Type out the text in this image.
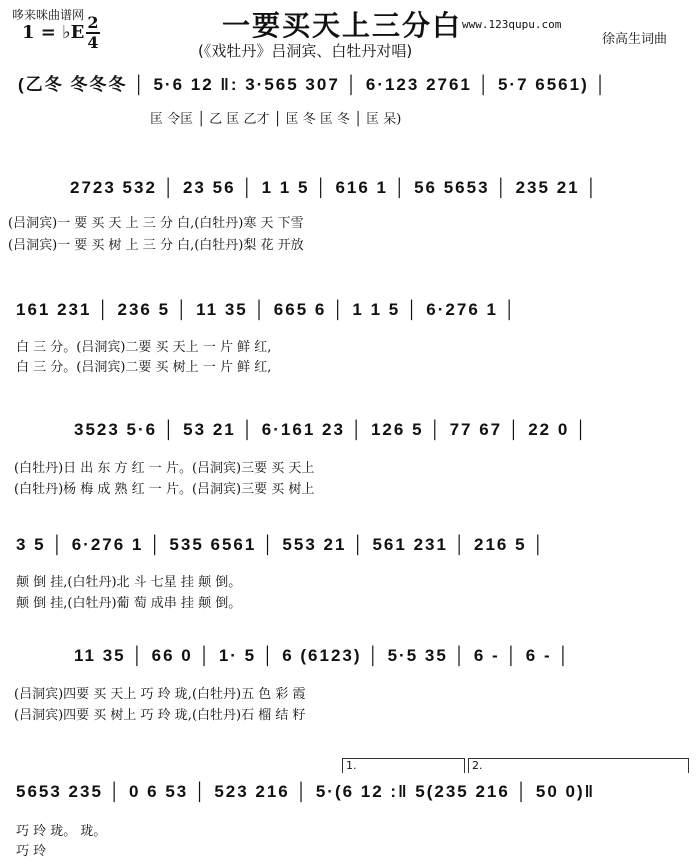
哆来咪曲谱网
1 = ♭E 2
4
一要买天上三分白 www.123qupu.com
(《戏牡丹》吕洞宾、白牡丹对唱)
徐高生词曲
(乙冬 冬冬冬 │ 5·6 12 ‖: 3·565 307 │ 6·123 2761 │ 5·7 6561) │
匡 令匡 │ 乙 匡 乙才 │ 匡 冬 匡 冬 │ 匡 呆)
2723 532 │ 23 56 │ 1 1 5 │ 616 1 │ 56 5653 │ 235 21 │
(吕洞宾)一 要 买 天 上 三 分 白,(白牡丹)寒 天 下雪
(吕洞宾)一 要 买 树 上 三 分 白,(白牡丹)梨 花 开放
161 231 │ 236 5 │ 11 35 │ 665 6 │ 1 1 5 │ 6·276 1 │
白 三 分。(吕洞宾)二要 买 天上 一 片 鲜 红,
白 三 分。(吕洞宾)二要 买 树上 一 片 鲜 红,
3523 5·6 │ 53 21 │ 6·161 23 │ 126 5 │ 77 67 │ 22 0 │
(白牡丹)日 出 东 方 红 一 片。(吕洞宾)三要 买 天上
(白牡丹)杨 梅 成 熟 红 一 片。(吕洞宾)三要 买 树上
3 5 │ 6·276 1 │ 535 6561 │ 553 21 │ 561 231 │ 216 5 │
颠 倒 挂,(白牡丹)北 斗 七星 挂 颠 倒。
颠 倒 挂,(白牡丹)葡 萄 成串 挂 颠 倒。
11 35 │ 66 0 │ 1· 5 │ 6 (6123) │ 5·5 35 │ 6 - │ 6 - │
(吕洞宾)四要 买 天上 巧 玲 珑,(白牡丹)五 色 彩 霞
(吕洞宾)四要 买 树上 巧 玲 珑,(白牡丹)石 榴 结 籽
1.	2.
5653 235 │ 0 6 53 │ 523 216 │ 5·(6 12 :‖ 5(235 216 │ 50 0)‖
巧 玲 珑。 珑。
巧 玲
